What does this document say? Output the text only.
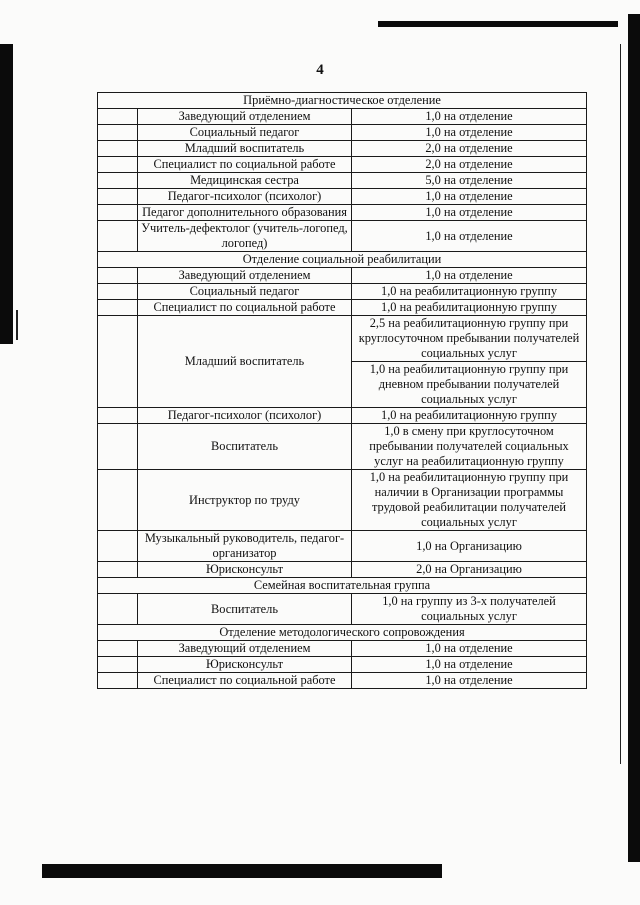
4
Приёмно-диагностическое отделение		
	Заведующий отделением	1,0 на отделение
	Социальный педагог	1,0 на отделение
	Младший воспитатель	2,0 на отделение
	Специалист по социальной работе	2,0 на отделение
	Медицинская сестра	5,0 на отделение
	Педагог-психолог (психолог)	1,0 на отделение
	Педагог дополнительного образования	1,0 на отделение
	Учитель-дефектолог (учитель-логопед, логопед)	1,0 на отделение
Отделение социальной реабилитации		
	Заведующий отделением	1,0 на отделение
	Социальный педагог	1,0 на реабилитационную группу
	Специалист по социальной работе	1,0 на реабилитационную группу
	Младший воспитатель	2,5 на реабилитационную группу при круглосуточном пребывании получателей социальных услуг
		1,0 на реабилитационную группу при дневном пребывании получателей социальных услуг
	Педагог-психолог (психолог)	1,0 на реабилитационную группу
	Воспитатель	1,0 в смену при круглосуточном пребывании получателей социальных услуг на реабилитационную группу
	Инструктор по труду	1,0 на реабилитационную группу при наличии в Организации программы трудовой реабилитации получателей социальных услуг
	Музыкальный руководитель, педагог-организатор	1,0 на Организацию
	Юрисконсульт	2,0 на Организацию
Семейная воспитательная группа		
	Воспитатель	1,0 на группу из 3-х получателей социальных услуг
Отделение методологического сопровождения		
	Заведующий отделением	1,0 на отделение
	Юрисконсульт	1,0 на отделение
	Специалист по социальной работе	1,0 на отделение
